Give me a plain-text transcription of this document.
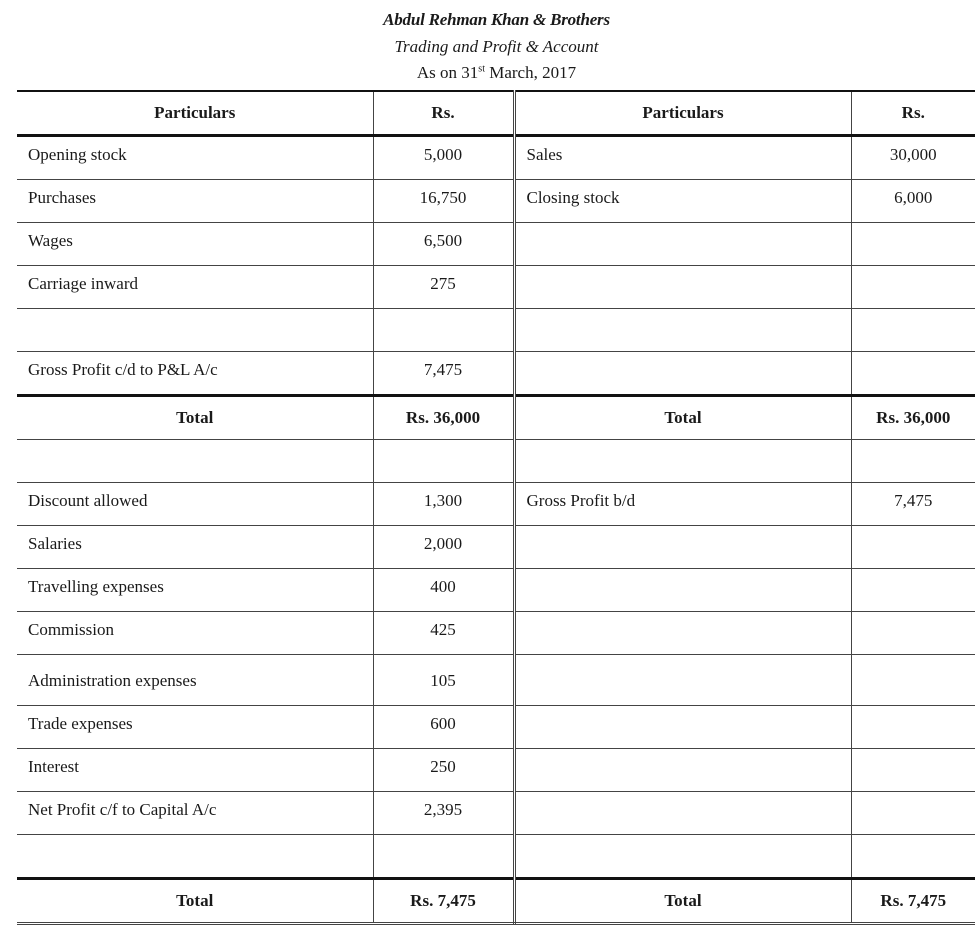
Abdul Rehman Khan & Brothers
Trading and Profit & Account
As on 31st March, 2017
Particulars	Rs.	Particulars	Rs.
Opening stock	5,000	Sales	30,000
Purchases	16,750	Closing stock	6,000
Wages	6,500		
Carriage inward	275		

Gross Profit c/d to P&L A/c	7,475		
Total	Rs. 36,000	Total	Rs. 36,000

Discount allowed	1,300	Gross Profit b/d	7,475
Salaries	2,000		
Travelling expenses	400		
Commission	425		
Administration expenses	105		
Trade expenses	600		
Interest	250		
Net Profit c/f to Capital A/c	2,395		

Total	Rs. 7,475	Total	Rs. 7,475
